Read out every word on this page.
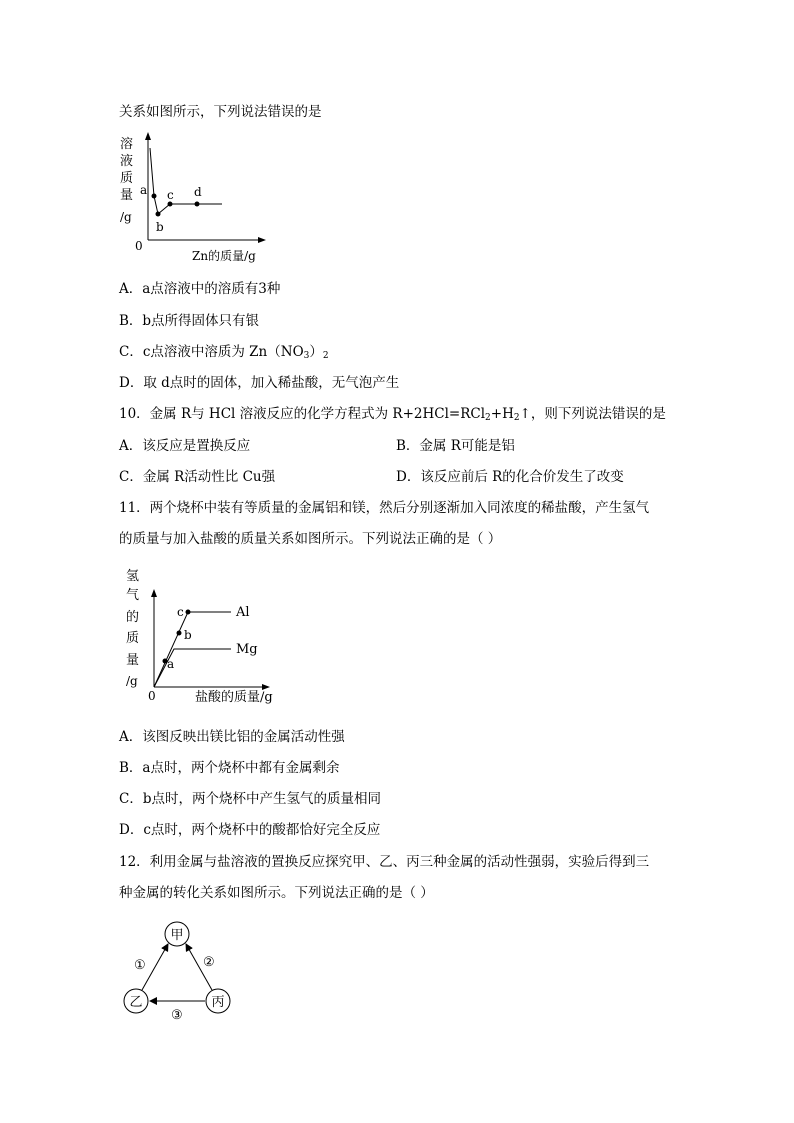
关系如图所示，下列说法错误的是
溶
液
质
量
/g
0
Zn的质量/g
a
b
c d
A．a点溶液中的溶质有3种
B．b点所得固体只有银
C．c点溶液中溶质为 $Zn(NO_3)_2$
D．取 d点时的固体，加入稀盐酸，无气泡产生
10．金属 R与 HCl 溶液反应的化学方程式为 $R+2HCl=RCl_2+H_2↑$，则下列说法错误的是
A．该反应是置换反应	B．金属 R可能是铝
C．金属 R活动性比 Cu强	D．该反应前后 R的化合价发生了改变
11．两个烧杯中装有等质量的金属铝和镁，然后分别逐渐加入同浓度的稀盐酸，产生氢气
的质量与加入盐酸的质量关系如图所示。下列说法正确的是（ ）
氢
气
的
质
量
/g
0	盐酸的质量/g
a
b
c	Al
Mg
A．该图反映出镁比铝的金属活动性强
B．a点时，两个烧杯中都有金属剩余
C．b点时，两个烧杯中产生氢气的质量相同
D．c点时，两个烧杯中的酸都恰好完全反应
12．利用金属与盐溶液的置换反应探究甲、乙、丙三种金属的活动性强弱，实验后得到三
种金属的转化关系如图所示。下列说法正确的是（ ）
甲
乙	丙
①	②
③
